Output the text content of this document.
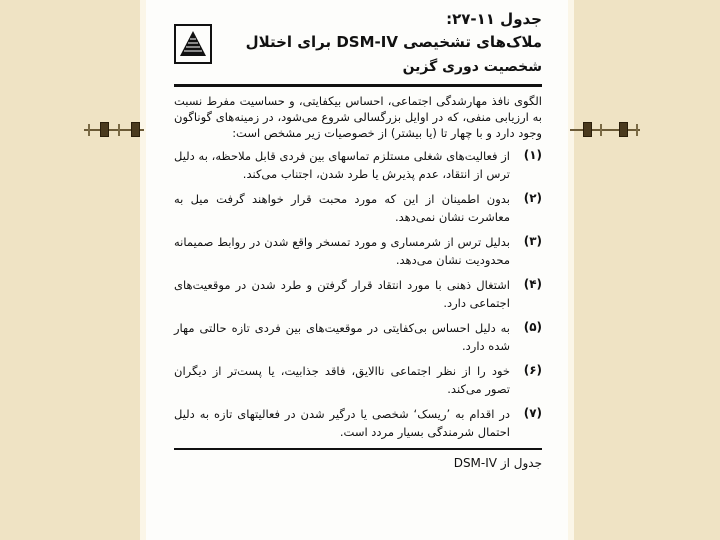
جدول ۱۱-۲۷:
ملاک‌های تشخیصی DSM-IV برای اختلال
شخصیت دوری گزین
الگوی نافذ مهارشدگی اجتماعی، احساس بیکفایتی، و حساسیت مفرط نسبت به ارزیابی منفی، که در اوایل بزرگسالی شروع می‌شود، در زمینه‌های گوناگون وجود دارد و با چهار تا (یا بیشتر) از خصوصیات زیر مشخص است:
(۱)
از فعالیت‌های شغلی مستلزم تماسهای بین فردی قابل ملاحظه، به دلیل ترس از انتقاد، عدم پذیرش یا طرد شدن، اجتناب می‌کند.
(۲)
بدون اطمینان از این که مورد محبت قرار خواهند گرفت میل به معاشرت نشان نمی‌دهد.
(۳)
بدلیل ترس از شرمساری و مورد تمسخر واقع شدن در روابط صمیمانه محدودیت نشان می‌دهد.
(۴)
اشتغال ذهنی با مورد انتقاد قرار گرفتن و طرد شدن در موقعیت‌های اجتماعی دارد.
(۵)
به دلیل احساس بی‌کفایتی در موقعیت‌های بین فردی تازه حالتی مهار شده دارد.
(۶)
خود را از نظر اجتماعی ناالایق، فاقد جذابیت، یا پست‌تر از دیگران تصور می‌کند.
(۷)
در اقدام به ’ریسک‘ شخصی یا درگیر شدن در فعالیتهای تازه به دلیل احتمال شرمندگی بسیار مردد است.
جدول از DSM-IV
